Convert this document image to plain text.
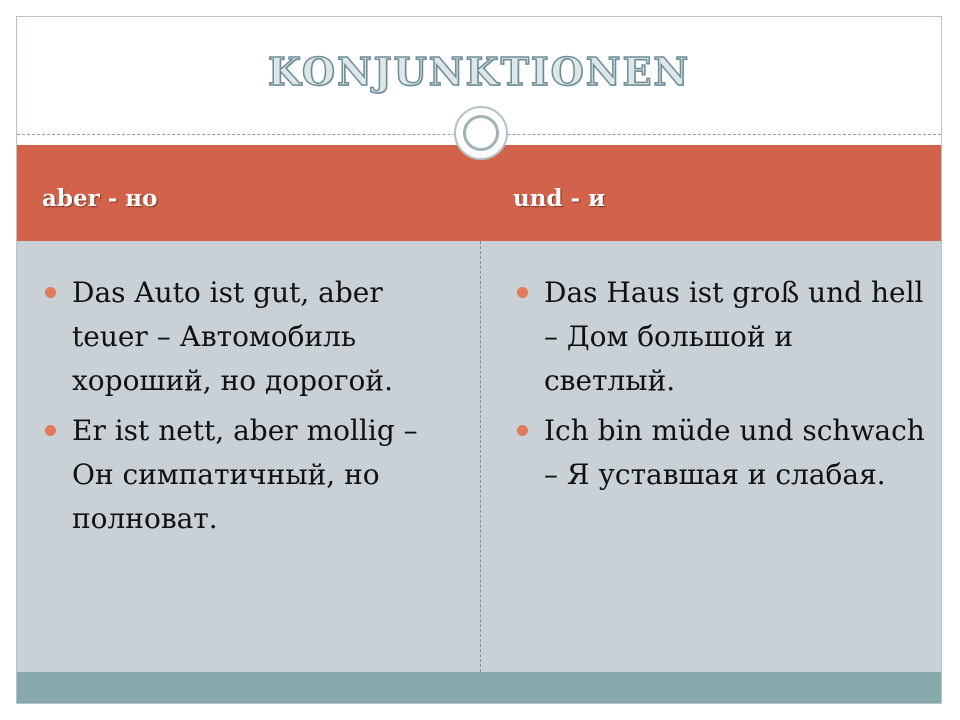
KONJUNKTIONEN
aber - но	und - и
Das Auto ist gut, aber teuer – Автомобиль хороший, но дорогой.
Er ist nett, aber mollig – Он симпатичный, но полноват.
Das Haus ist groß und hell – Дом большой и светлый.
Ich bin müde und schwach – Я уставшая и слабая.
